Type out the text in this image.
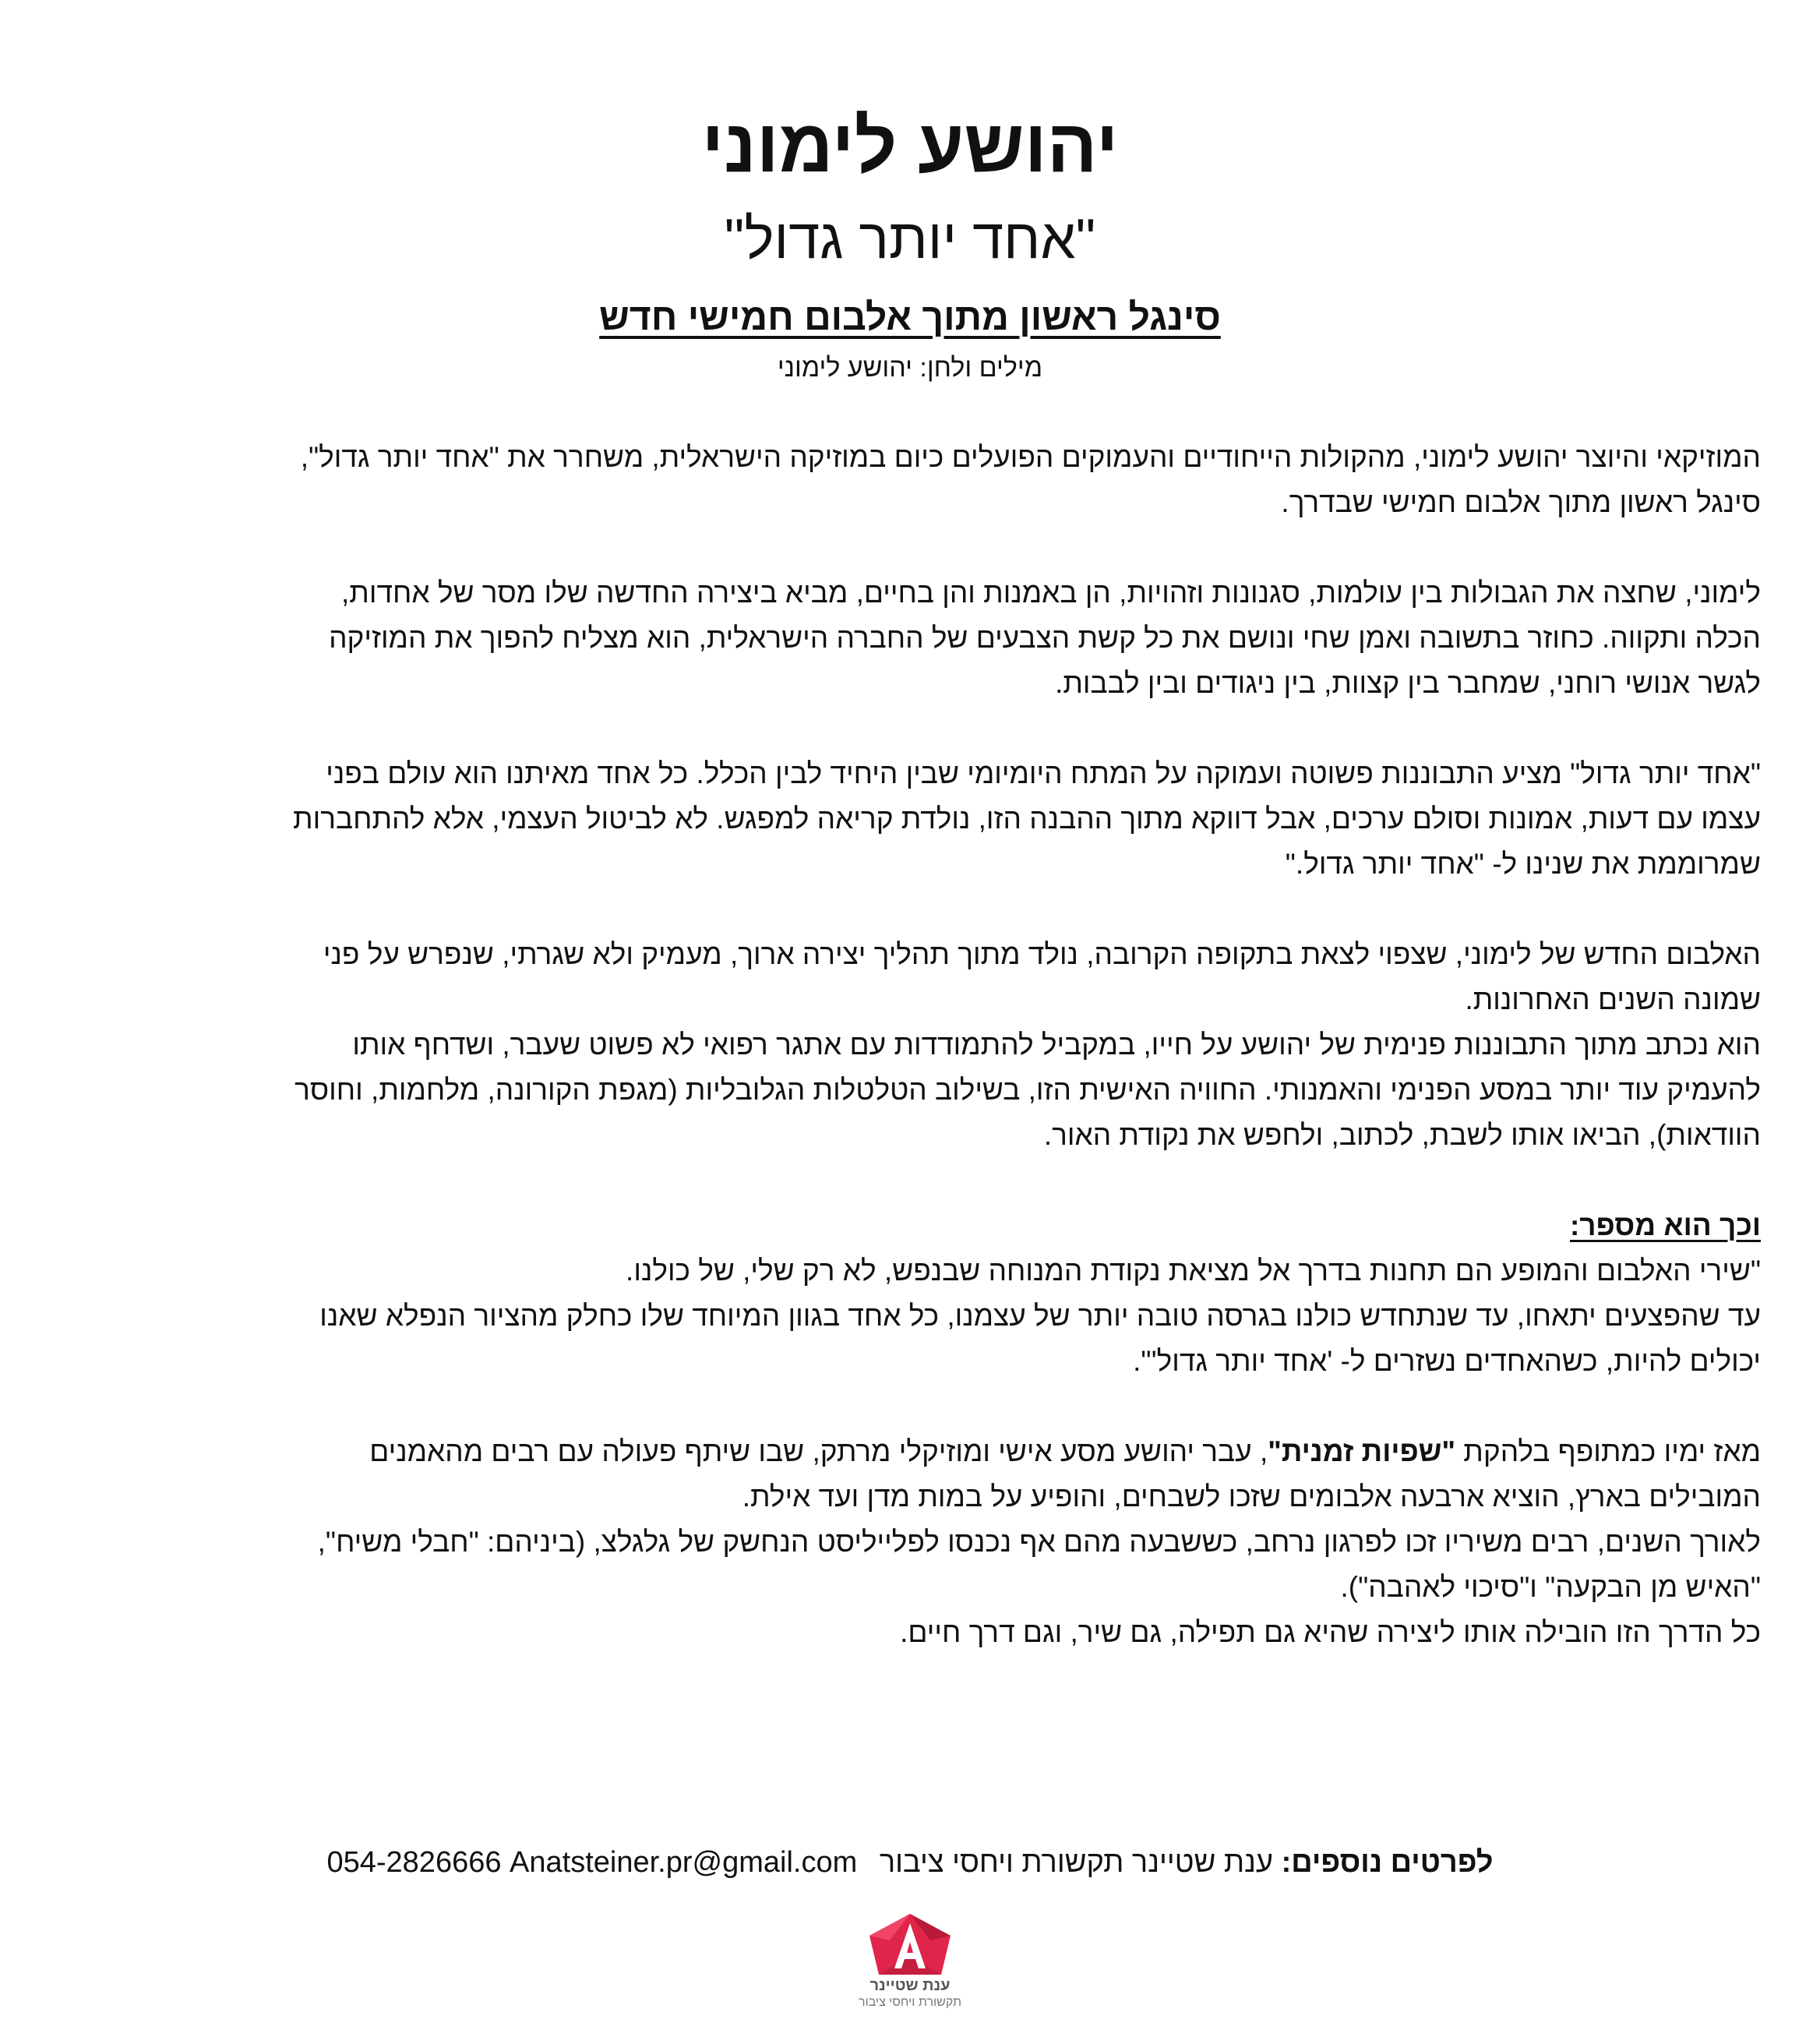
יהושע לימוני
"אחד יותר גדול"
סינגל ראשון מתוך אלבום חמישי חדש
מילים ולחן: יהושע לימוני

המוזיקאי והיוצר יהושע לימוני, מהקולות הייחודיים והעמוקים הפועלים כיום במוזיקה הישראלית, משחרר את "אחד יותר גדול",

סינגל ראשון מתוך אלבום חמישי שבדרך.

לימוני, שחצה את הגבולות בין עולמות, סגנונות וזהויות, הן באמנות והן בחיים, מביא ביצירה החדשה שלו מסר של אחדות,

הכלה ותקווה. כחוזר בתשובה ואמן שחי ונושם את כל קשת הצבעים של החברה הישראלית, הוא מצליח להפוך את המוזיקה

לגשר אנושי רוחני, שמחבר בין קצוות, בין ניגודים ובין לבבות.

"אחד יותר גדול" מציע התבוננות פשוטה ועמוקה על המתח היומיומי שבין היחיד לבין הכלל. כל אחד מאיתנו הוא עולם בפני

עצמו עם דעות, אמונות וסולם ערכים, אבל דווקא מתוך ההבנה הזו, נולדת קריאה למפגש. לא לביטול העצמי, אלא להתחברות

שמרוממת את שנינו ל- "אחד יותר גדול."

האלבום החדש של לימוני, שצפוי לצאת בתקופה הקרובה, נולד מתוך תהליך יצירה ארוך, מעמיק ולא שגרתי, שנפרש על פני

שמונה השנים האחרונות.

הוא נכתב מתוך התבוננות פנימית של יהושע על חייו, במקביל להתמודדות עם אתגר רפואי לא פשוט שעבר, ושדחף אותו

להעמיק עוד יותר במסע הפנימי והאמנותי. החוויה האישית הזו, בשילוב הטלטלות הגלובליות (מגפת הקורונה, מלחמות, וחוסר

הוודאות), הביאו אותו לשבת, לכתוב, ולחפש את נקודת האור.

וכך הוא מספר:

"שירי האלבום והמופע הם תחנות בדרך אל מציאת נקודת המנוחה שבנפש, לא רק שלי, של כולנו.

עד שהפצעים יתאחו, עד שנתחדש כולנו בגרסה טובה יותר של עצמנו, כל אחד בגוון המיוחד שלו כחלק מהציור הנפלא שאנו

יכולים להיות, כשהאחדים נשזרים ל- 'אחד יותר גדול'".

מאז ימיו כמתופף בלהקת "שפיות זמנית", עבר יהושע מסע אישי ומוזיקלי מרתק, שבו שיתף פעולה עם רבים מהאמנים

המובילים בארץ, הוציא ארבעה אלבומים שזכו לשבחים, והופיע על במות מדן ועד אילת.

לאורך השנים, רבים משיריו זכו לפרגון נרחב, כששבעה מהם אף נכנסו לפלייליסט הנחשק של גלגלצ, (ביניהם: "חבלי משיח",

"האיש מן הבקעה" ו"סיכוי לאהבה").

כל הדרך הזו הובילה אותו ליצירה שהיא גם תפילה, גם שיר, וגם דרך חיים.

לפרטים נוספים: ענת שטיינר תקשורת ויחסי ציבור 054-2826666 Anatsteiner.pr@gmail.com
ענת שטיינר
תקשורת ויחסי ציבור
